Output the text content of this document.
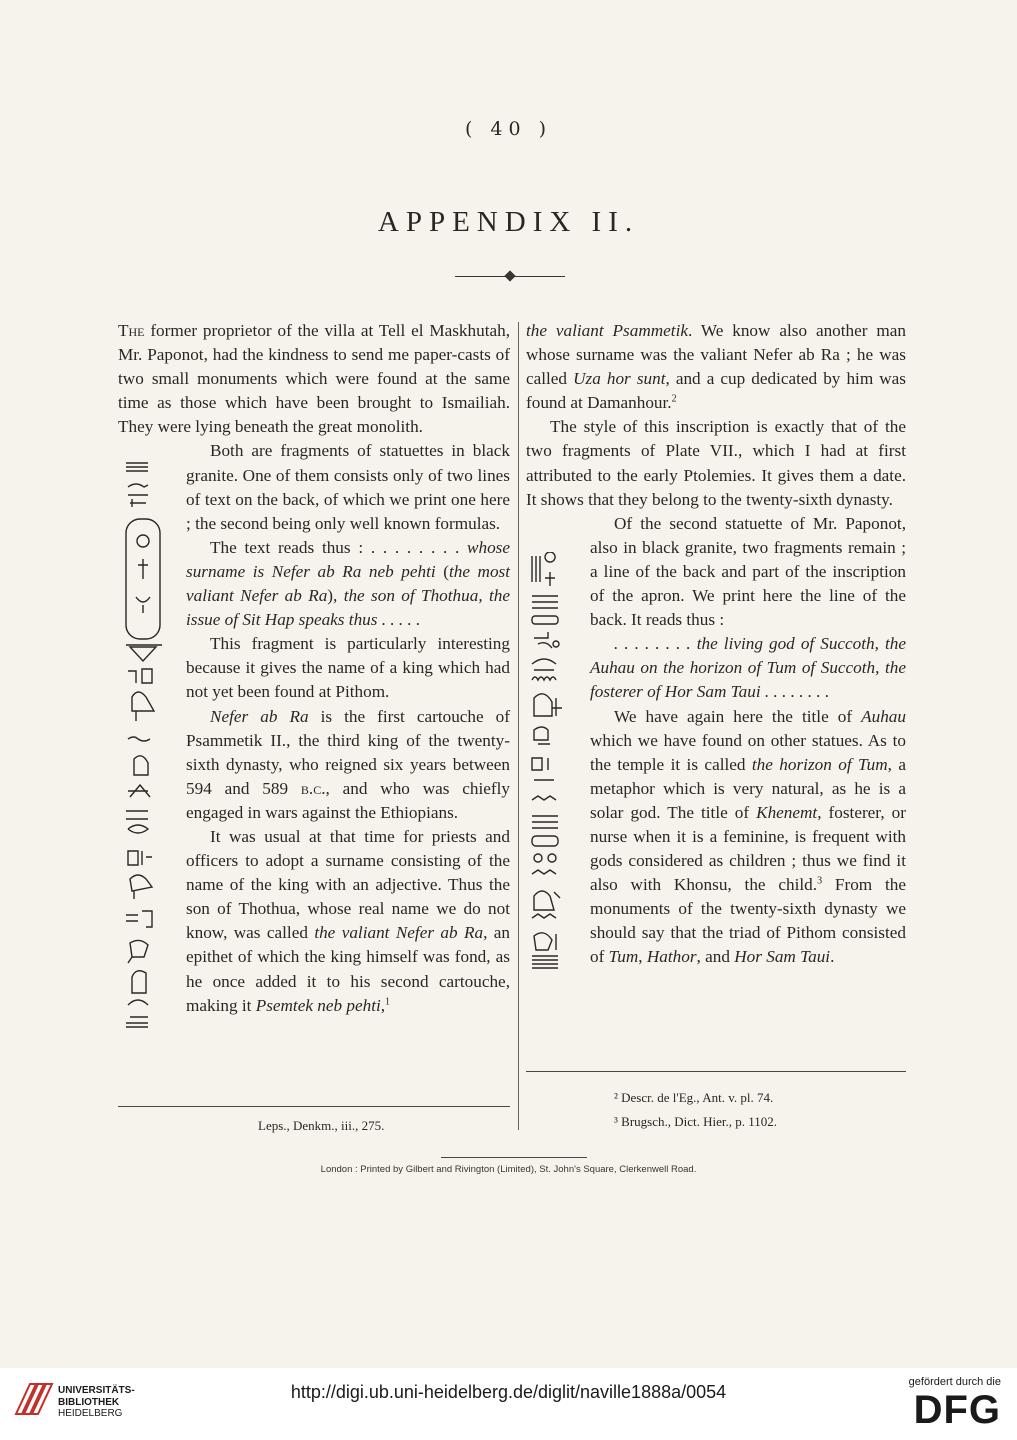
( 40 )
APPENDIX II.

The former proprietor of the villa at Tell el Maskhutah, Mr. Paponot, had the kindness to send me paper-casts of two small monuments which were found at the same time as those which have been brought to Ismailiah. They were lying beneath the great monolith.

Both are fragments of statuettes in black granite. One of them consists only of two lines of text on the back, of which we print one here ; the second being only well known formulas.

The text reads thus : . . . . . . . . whose surname is Nefer ab Ra neb pehti (the most valiant Nefer ab Ra), the son of Thothua, the issue of Sit Hap speaks thus . . . . .

This fragment is particularly interesting because it gives the name of a king which had not yet been found at Pithom.

Nefer ab Ra is the first cartouche of Psammetik II., the third king of the twenty-sixth dynasty, who reigned six years between 594 and 589 b.c., and who was chiefly engaged in wars against the Ethiopians.

It was usual at that time for priests and officers to adopt a surname consisting of the name of the king with an adjective. Thus the son of Thothua, whose real name we do not know, was called the valiant Nefer ab Ra, an epithet of which the king himself was fond, as he once added it to his second cartouche, making it Psemtek neb pehti,$^1$

the valiant Psammetik. We know also another man whose surname was the valiant Nefer ab Ra ; he was called Uza hor sunt, and a cup dedicated by him was found at Damanhour.$^2$

The style of this inscription is exactly that of the two fragments of Plate VII., which I had at first attributed to the early Ptolemies. It gives them a date. It shows that they belong to the twenty-sixth dynasty.

Of the second statuette of Mr. Paponot, also in black granite, two fragments remain ; a line of the back and part of the inscription of the apron. We print here the line of the back. It reads thus :

. . . . . . . . the living god of Succoth, the Auhau on the horizon of Tum of Succoth, the fosterer of Hor Sam Taui . . . . . . . .

We have again here the title of Auhau which we have found on other statues. As to the temple it is called the horizon of Tum, a metaphor which is very natural, as he is a solar god. The title of Khenemt, fosterer, or nurse when it is a feminine, is frequent with gods considered as children ; thus we find it also with Khonsu, the child.$^3$ From the monuments of the twenty-sixth dynasty we should say that the triad of Pithom consisted of Tum, Hathor, and Hor Sam Taui.

Leps., Denkm., iii., 275.
² Descr. de l'Eg., Ant. v. pl. 74.
³ Brugsch., Dict. Hier., p. 1102.
London : Printed by Gilbert and Rivington (Limited), St. John's Square, Clerkenwell Road.
UNIVERSITÄTS-
BIBLIOTHEK
HEIDELBERG
http://digi.ub.uni-heidelberg.de/diglit/naville1888a/0054	gefördert durch die
DFG
